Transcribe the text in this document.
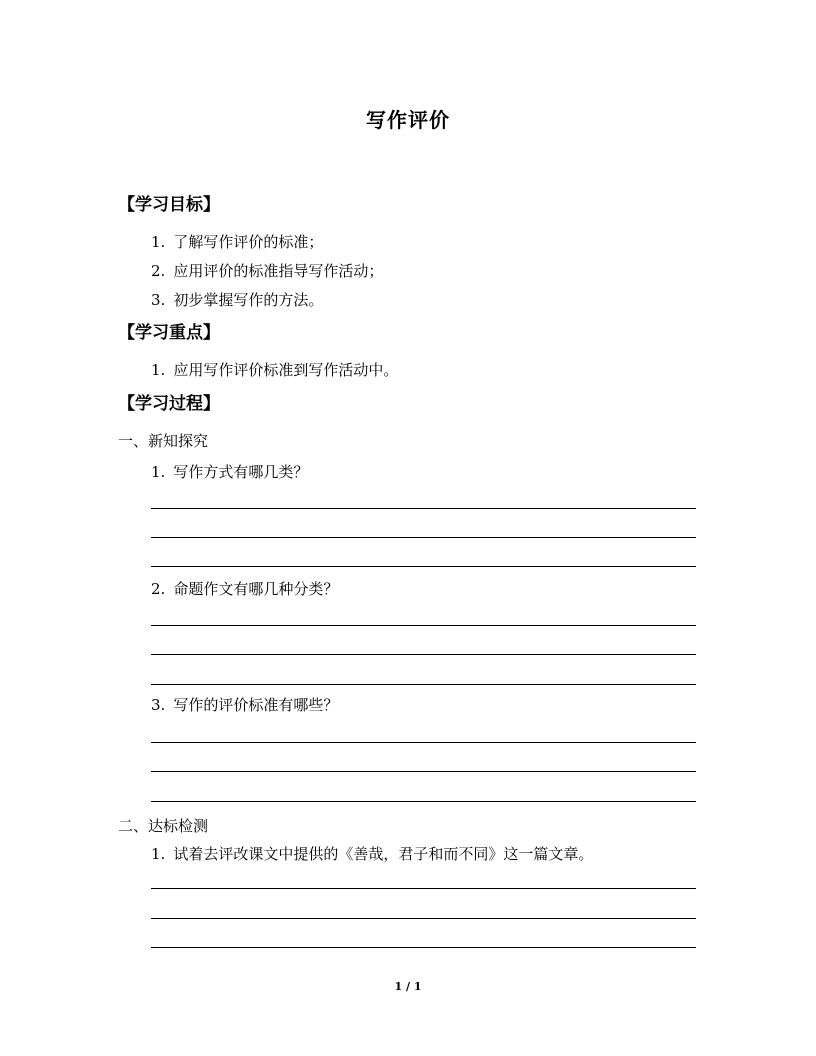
写作评价
【学习目标】
1. 了解写作评价的标准；
2. 应用评价的标准指导写作活动；
3. 初步掌握写作的方法。
【学习重点】
1. 应用写作评价标准到写作活动中。
【学习过程】
一、新知探究
1. 写作方式有哪几类？
2. 命题作文有哪几种分类？
3. 写作的评价标准有哪些？
二、达标检测
1. 试着去评改课文中提供的《善哉，君子和而不同》这一篇文章。
1 / 1
